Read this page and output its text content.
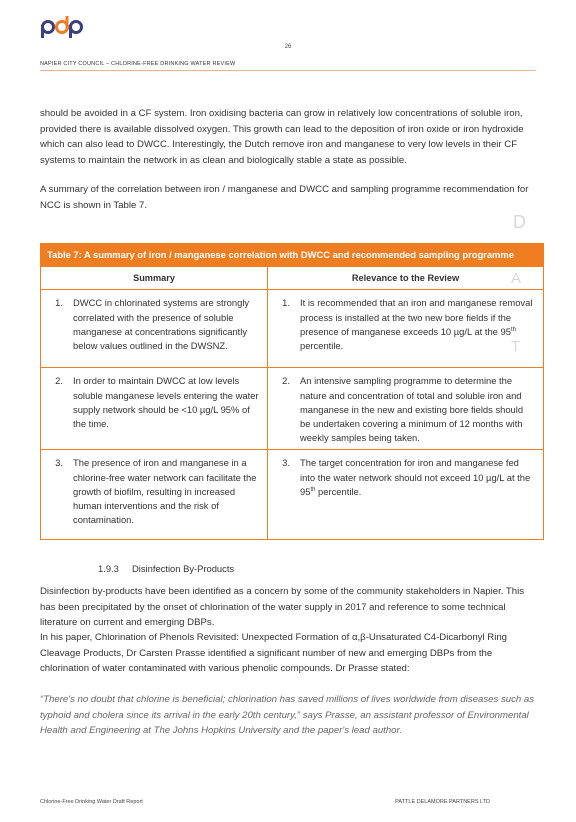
26
NAPIER CITY COUNCIL – CHLORINE-FREE DRINKING WATER REVIEW

should be avoided in a CF system. Iron oxidising bacteria can grow in relatively low concentrations of soluble iron, provided there is available dissolved oxygen. This growth can lead to the deposition of iron oxide or iron hydroxide which can also lead to DWCC. Interestingly, the Dutch remove iron and manganese to very low levels in their CF systems to maintain the network in as clean and biologically stable a state as possible.

A summary of the correlation between iron / manganese and DWCC and sampling programme recommendation for NCC is shown in Table 7.

D
A
T
Table 7: A summary of iron / manganese correlation with DWCC and recommended sampling programme	
Summary	Relevance to the Review

1. DWCC in chlorinated systems are strongly correlated with the presence of soluble manganese at concentrations significantly below values outlined in the DWSNZ.	1. It is recommended that an iron and manganese removal process is installed at the two new bore fields if the presence of manganese exceeds 10 µg/L at the 95th percentile.

2. In order to maintain DWCC at low levels soluble manganese levels entering the water supply network should be <10 µg/L 95% of the time.	2. An intensive sampling programme to determine the nature and concentration of total and soluble iron and manganese in the new and existing bore fields should be undertaken covering a minimum of 12 months with weekly samples being taken.

3. The presence of iron and manganese in a chlorine-free water network can facilitate the growth of biofilm, resulting in increased human interventions and the risk of contamination.	3. The target concentration for iron and manganese fed into the water network should not exceed 10 µg/L at the 95th percentile.
1.9.3 Disinfection By-Products

Disinfection by-products have been identified as a concern by some of the community stakeholders in Napier. This has been precipitated by the onset of chlorination of the water supply in 2017 and reference to some technical literature on current and emerging DBPs.

In his paper, Chlorination of Phenols Revisited: Unexpected Formation of α,β-Unsaturated C4-Dicarbonyl Ring Cleavage Products, Dr Carsten Prasse identified a significant number of new and emerging DBPs from the chlorination of water contaminated with various phenolic compounds. Dr Prasse stated:

“There's no doubt that chlorine is beneficial; chlorination has saved millions of lives worldwide from diseases such as typhoid and cholera since its arrival in the early 20th century,” says Prasse, an assistant professor of Environmental Health and Engineering at The Johns Hopkins University and the paper's lead author.

Chlorine-Free Drinking Water Draft Report	PATTLE DELAMORE PARTNERS LTD
